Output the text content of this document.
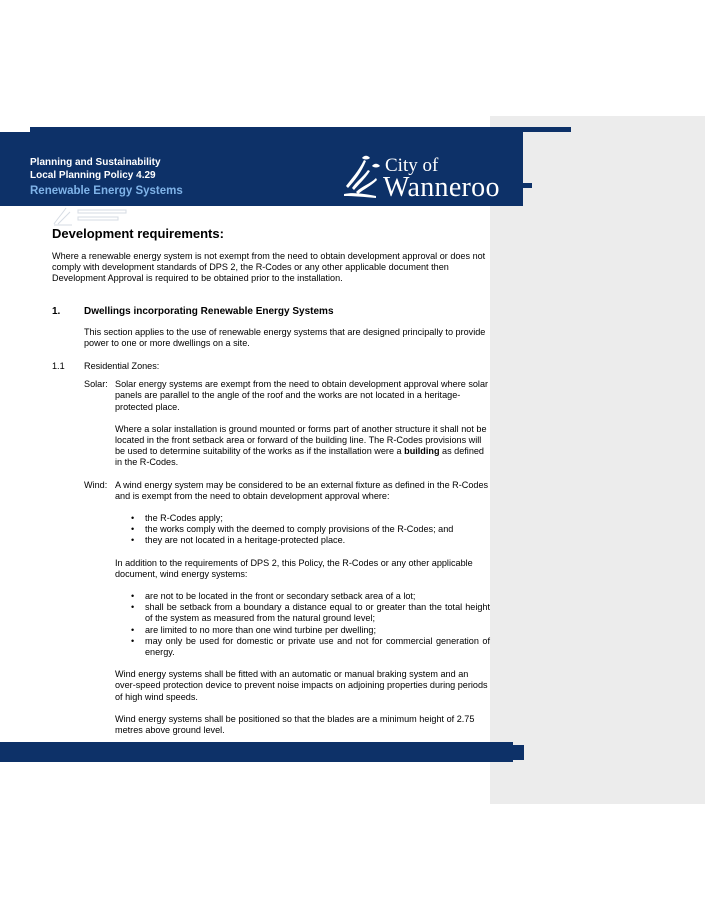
Planning and Sustainability
Local Planning Policy 4.29
Renewable Energy Systems
City of
Wanneroo
Development requirements:

Where a renewable energy system is not exempt from the need to obtain development approval or does not comply with development standards of DPS 2, the R-Codes or any other applicable document then Development Approval is required to be obtained prior to the installation.

1.	Dwellings incorporating Renewable Energy Systems

This section applies to the use of renewable energy systems that are designed principally to provide power to one or more dwellings on a site.

1.1	Residential Zones:
Solar: Solar energy systems are exempt from the need to obtain development approval where solar panels are parallel to the angle of the roof and the works are not located in a heritage-protected place.

Where a solar installation is ground mounted or forms part of another structure it shall not be located in the front setback area or forward of the building line. The R-Codes provisions will be used to determine suitability of the works as if the installation were a building as defined in the R-Codes.

Wind: A wind energy system may be considered to be an external fixture as defined in the R-Codes and is exempt from the need to obtain development approval where:

• the R-Codes apply;
• the works comply with the deemed to comply provisions of the R-Codes; and
• they are not located in a heritage-protected place.

In addition to the requirements of DPS 2, this Policy, the R-Codes or any other applicable document, wind energy systems:

• are not to be located in the front or secondary setback area of a lot;
• shall be setback from a boundary a distance equal to or greater than the total height of the system as measured from the natural ground level;
• are limited to no more than one wind turbine per dwelling;
• may only be used for domestic or private use and not for commercial generation of energy.

Wind energy systems shall be fitted with an automatic or manual braking system and an over-speed protection device to prevent noise impacts on adjoining properties during periods of high wind speeds.

Wind energy systems shall be positioned so that the blades are a minimum height of 2.75 metres above ground level.
